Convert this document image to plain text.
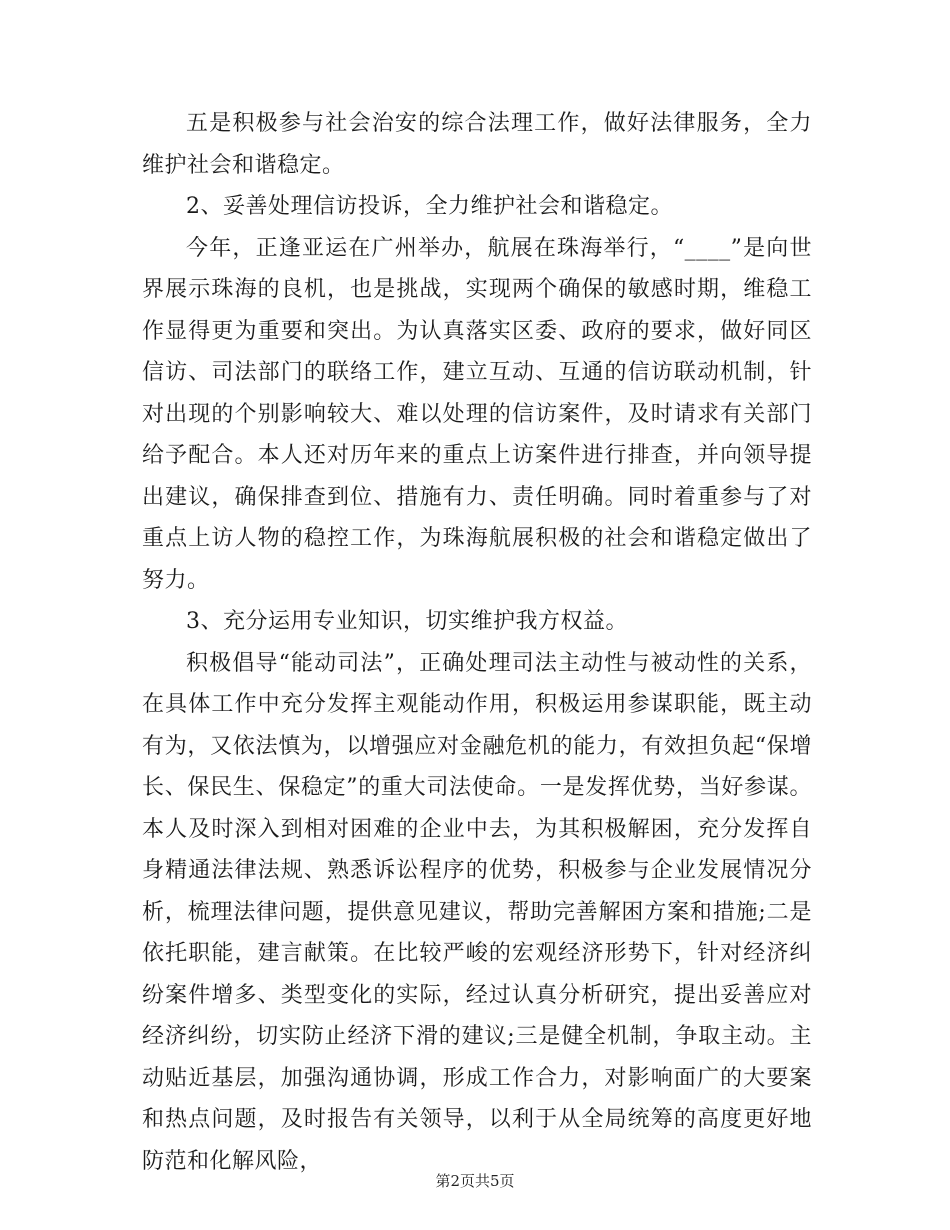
五是积极参与社会治安的综合法理工作，做好法律服务，全力维护社会和谐稳定。

2、妥善处理信访投诉，全力维护社会和谐稳定。

今年，正逢亚运在广州举办，航展在珠海举行，“____”是向世界展示珠海的良机，也是挑战，实现两个确保的敏感时期，维稳工作显得更为重要和突出。为认真落实区委、政府的要求，做好同区信访、司法部门的联络工作，建立互动、互通的信访联动机制，针对出现的个别影响较大、难以处理的信访案件，及时请求有关部门给予配合。本人还对历年来的重点上访案件进行排查，并向领导提出建议，确保排查到位、措施有力、责任明确。同时着重参与了对重点上访人物的稳控工作，为珠海航展积极的社会和谐稳定做出了努力。

3、充分运用专业知识，切实维护我方权益。

积极倡导“能动司法”，正确处理司法主动性与被动性的关系，在具体工作中充分发挥主观能动作用，积极运用参谋职能，既主动有为，又依法慎为，以增强应对金融危机的能力，有效担负起“保增长、保民生、保稳定”的重大司法使命。一是发挥优势，当好参谋。本人及时深入到相对困难的企业中去，为其积极解困，充分发挥自身精通法律法规、熟悉诉讼程序的优势，积极参与企业发展情况分析，梳理法律问题，提供意见建议，帮助完善解困方案和措施;二是依托职能，建言献策。在比较严峻的宏观经济形势下，针对经济纠纷案件增多、类型变化的实际，经过认真分析研究，提出妥善应对经济纠纷，切实防止经济下滑的建议;三是健全机制，争取主动。主动贴近基层，加强沟通协调，形成工作合力，对影响面广的大要案和热点问题，及时报告有关领导，以利于从全局统筹的高度更好地防范和化解风险，

第2页共5页
